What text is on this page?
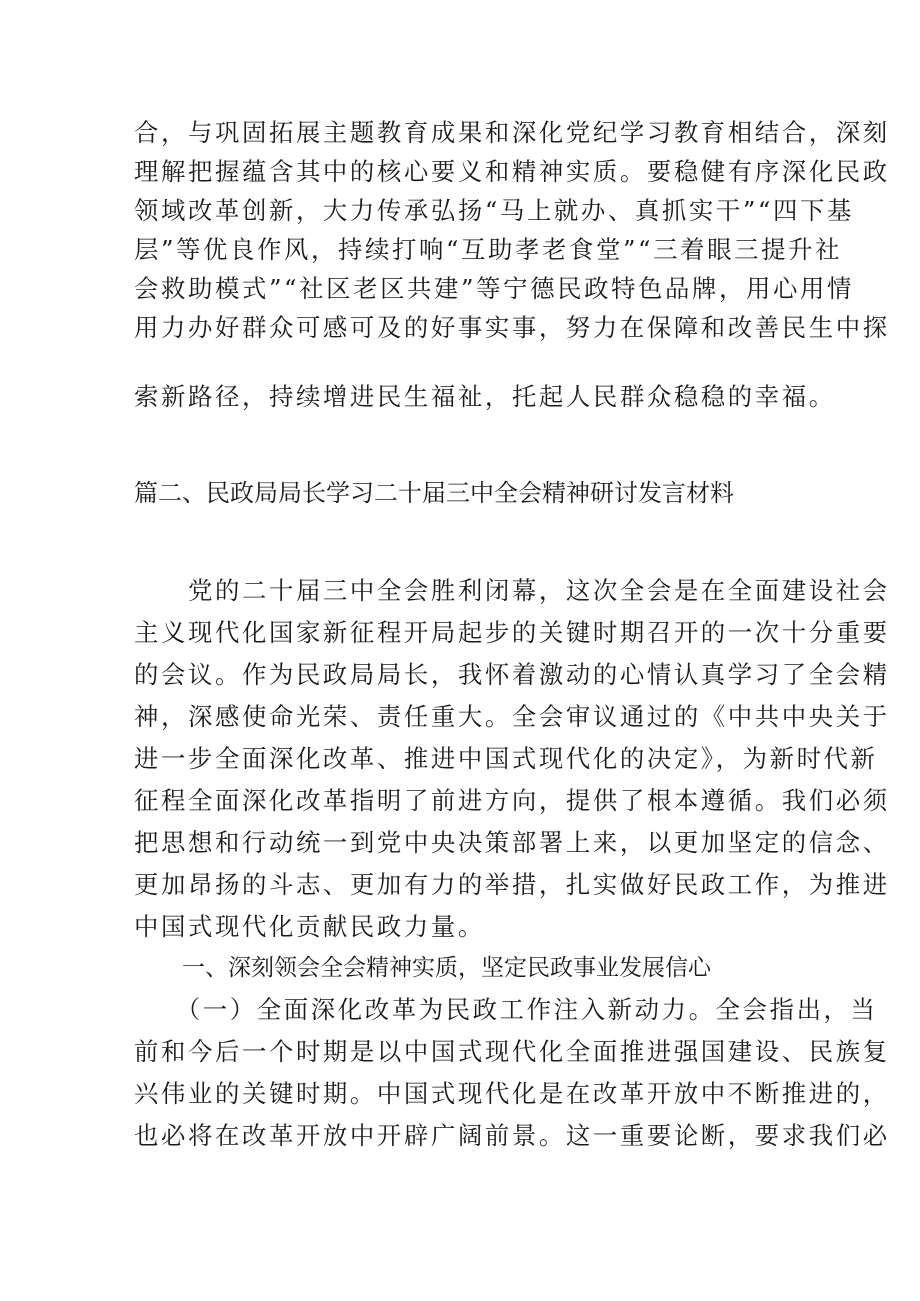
合，与巩固拓展主题教育成果和深化党纪学习教育相结合，深刻
理解把握蕴含其中的核心要义和精神实质。要稳健有序深化民政
领域改革创新，大力传承弘扬“马上就办、真抓实干”“四下基
层”等优良作风，持续打响“互助孝老食堂”“三着眼三提升社
会救助模式”“社区老区共建”等宁德民政特色品牌，用心用情
用力办好群众可感可及的好事实事，努力在保障和改善民生中探
索新路径，持续增进民生福祉，托起人民群众稳稳的幸福。
篇二、民政局局长学习二十届三中全会精神研讨发言材料
　　党的二十届三中全会胜利闭幕，这次全会是在全面建设社会
主义现代化国家新征程开局起步的关键时期召开的一次十分重要
的会议。作为民政局局长，我怀着激动的心情认真学习了全会精
神，深感使命光荣、责任重大。全会审议通过的《中共中央关于
进一步全面深化改革、推进中国式现代化的决定》，为新时代新
征程全面深化改革指明了前进方向，提供了根本遵循。我们必须
把思想和行动统一到党中央决策部署上来，以更加坚定的信念、
更加昂扬的斗志、更加有力的举措，扎实做好民政工作，为推进
中国式现代化贡献民政力量。
一、深刻领会全会精神实质，坚定民政事业发展信心
　　（一）全面深化改革为民政工作注入新动力。全会指出，当
前和今后一个时期是以中国式现代化全面推进强国建设、民族复
兴伟业的关键时期。中国式现代化是在改革开放中不断推进的，
也必将在改革开放中开辟广阔前景。这一重要论断，要求我们必
